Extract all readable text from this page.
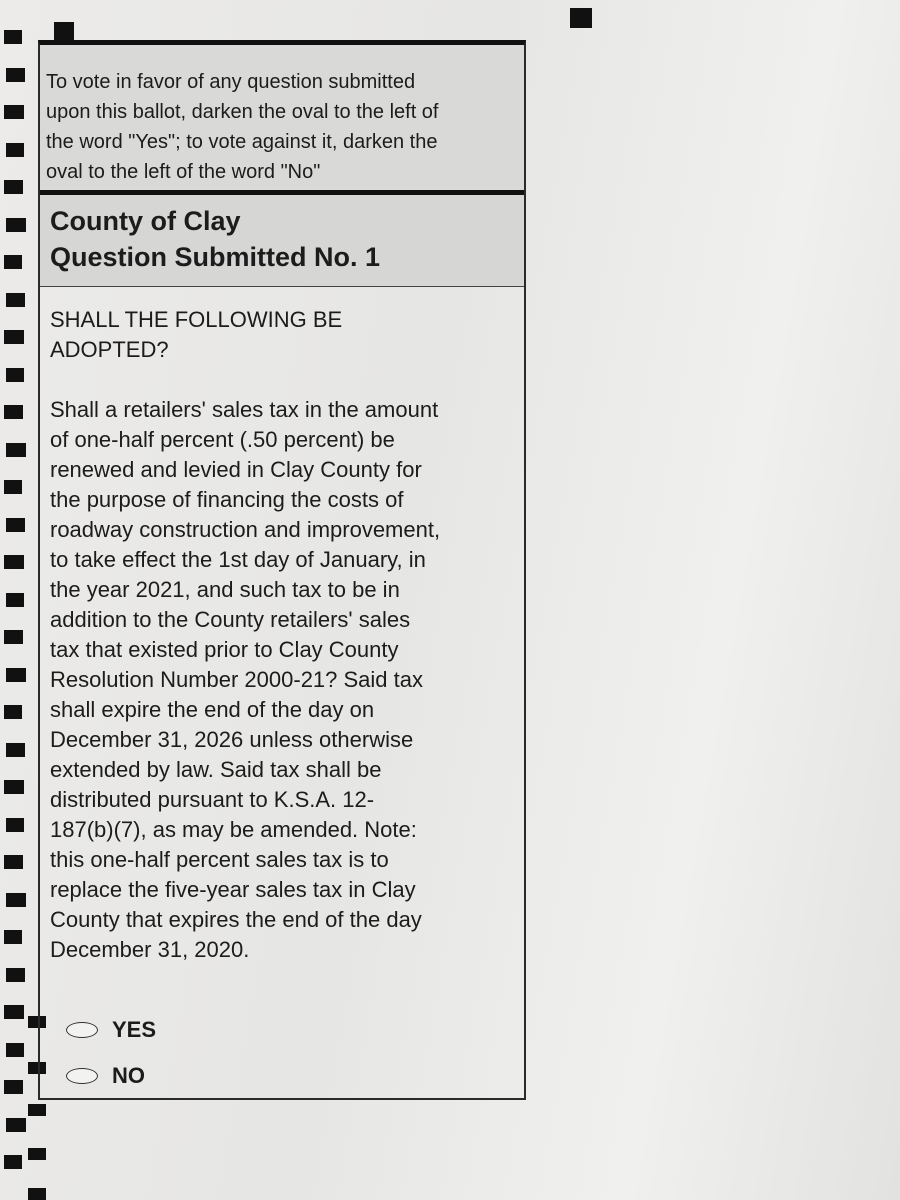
To vote in favor of any question submitted
upon this ballot, darken the oval to the left of
the word "Yes"; to vote against it, darken the
oval to the left of the word "No"
County of Clay
Question Submitted No. 1
SHALL THE FOLLOWING BE
ADOPTED?
Shall a retailers' sales tax in the amount
of one-half percent (.50 percent) be
renewed and levied in Clay County for
the purpose of financing the costs of
roadway construction and improvement,
to take effect the 1st day of January, in
the year 2021, and such tax to be in
addition to the County retailers' sales
tax that existed prior to Clay County
Resolution Number 2000-21? Said tax
shall expire the end of the day on
December 31, 2026 unless otherwise
extended by law. Said tax shall be
distributed pursuant to K.S.A. 12-
187(b)(7), as may be amended. Note:
this one-half percent sales tax is to
replace the five-year sales tax in Clay
County that expires the end of the day
December 31, 2020.
YES
NO
